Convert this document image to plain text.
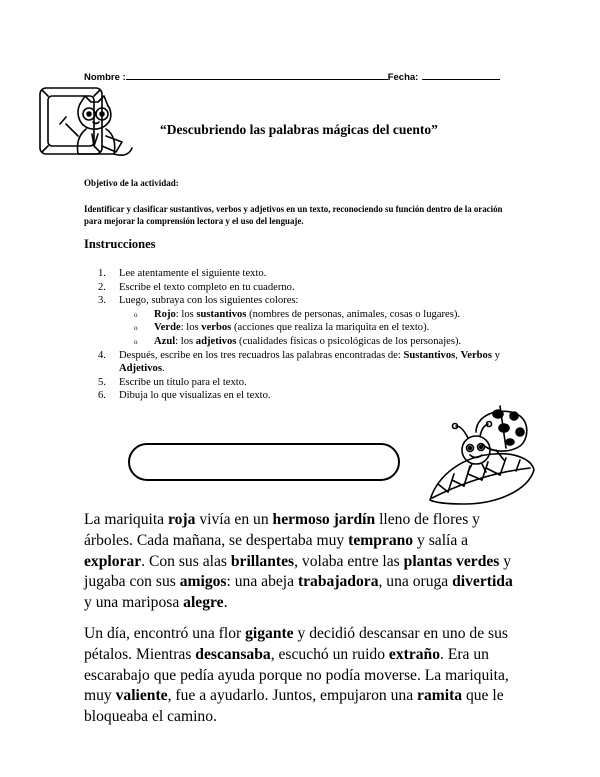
Nombre :	Fecha:
“Descubriendo las palabras mágicas del cuento”
Objetivo de la actividad:
Identificar y clasificar sustantivos, verbos y adjetivos en un texto, reconociendo su función dentro de la oración para mejorar la comprensión lectora y el uso del lenguaje.
Instrucciones
1. Lee atentamente el siguiente texto.
2. Escribe el texto completo en tu cuaderno.
3. Luego, subraya con los siguientes colores:
o Rojo: los sustantivos (nombres de personas, animales, cosas o lugares).
o Verde: los verbos (acciones que realiza la mariquita en el texto).
o Azul: los adjetivos (cualidades físicas o psicológicas de los personajes).
4. Después, escribe en los tres recuadros las palabras encontradas de: Sustantivos, Verbos y Adjetivos.
5. Escribe un título para el texto.
6. Dibuja lo que visualizas en el texto.

La mariquita roja vivía en un hermoso jardín lleno de flores y árboles. Cada mañana, se despertaba muy temprano y salía a explorar. Con sus alas brillantes, volaba entre las plantas verdes y jugaba con sus amigos: una abeja trabajadora, una oruga divertida y una mariposa alegre.

Un día, encontró una flor gigante y decidió descansar en uno de sus pétalos. Mientras descansaba, escuchó un ruido extraño. Era un escarabajo que pedía ayuda porque no podía moverse. La mariquita, muy valiente, fue a ayudarlo. Juntos, empujaron una ramita que le bloqueaba el camino.
